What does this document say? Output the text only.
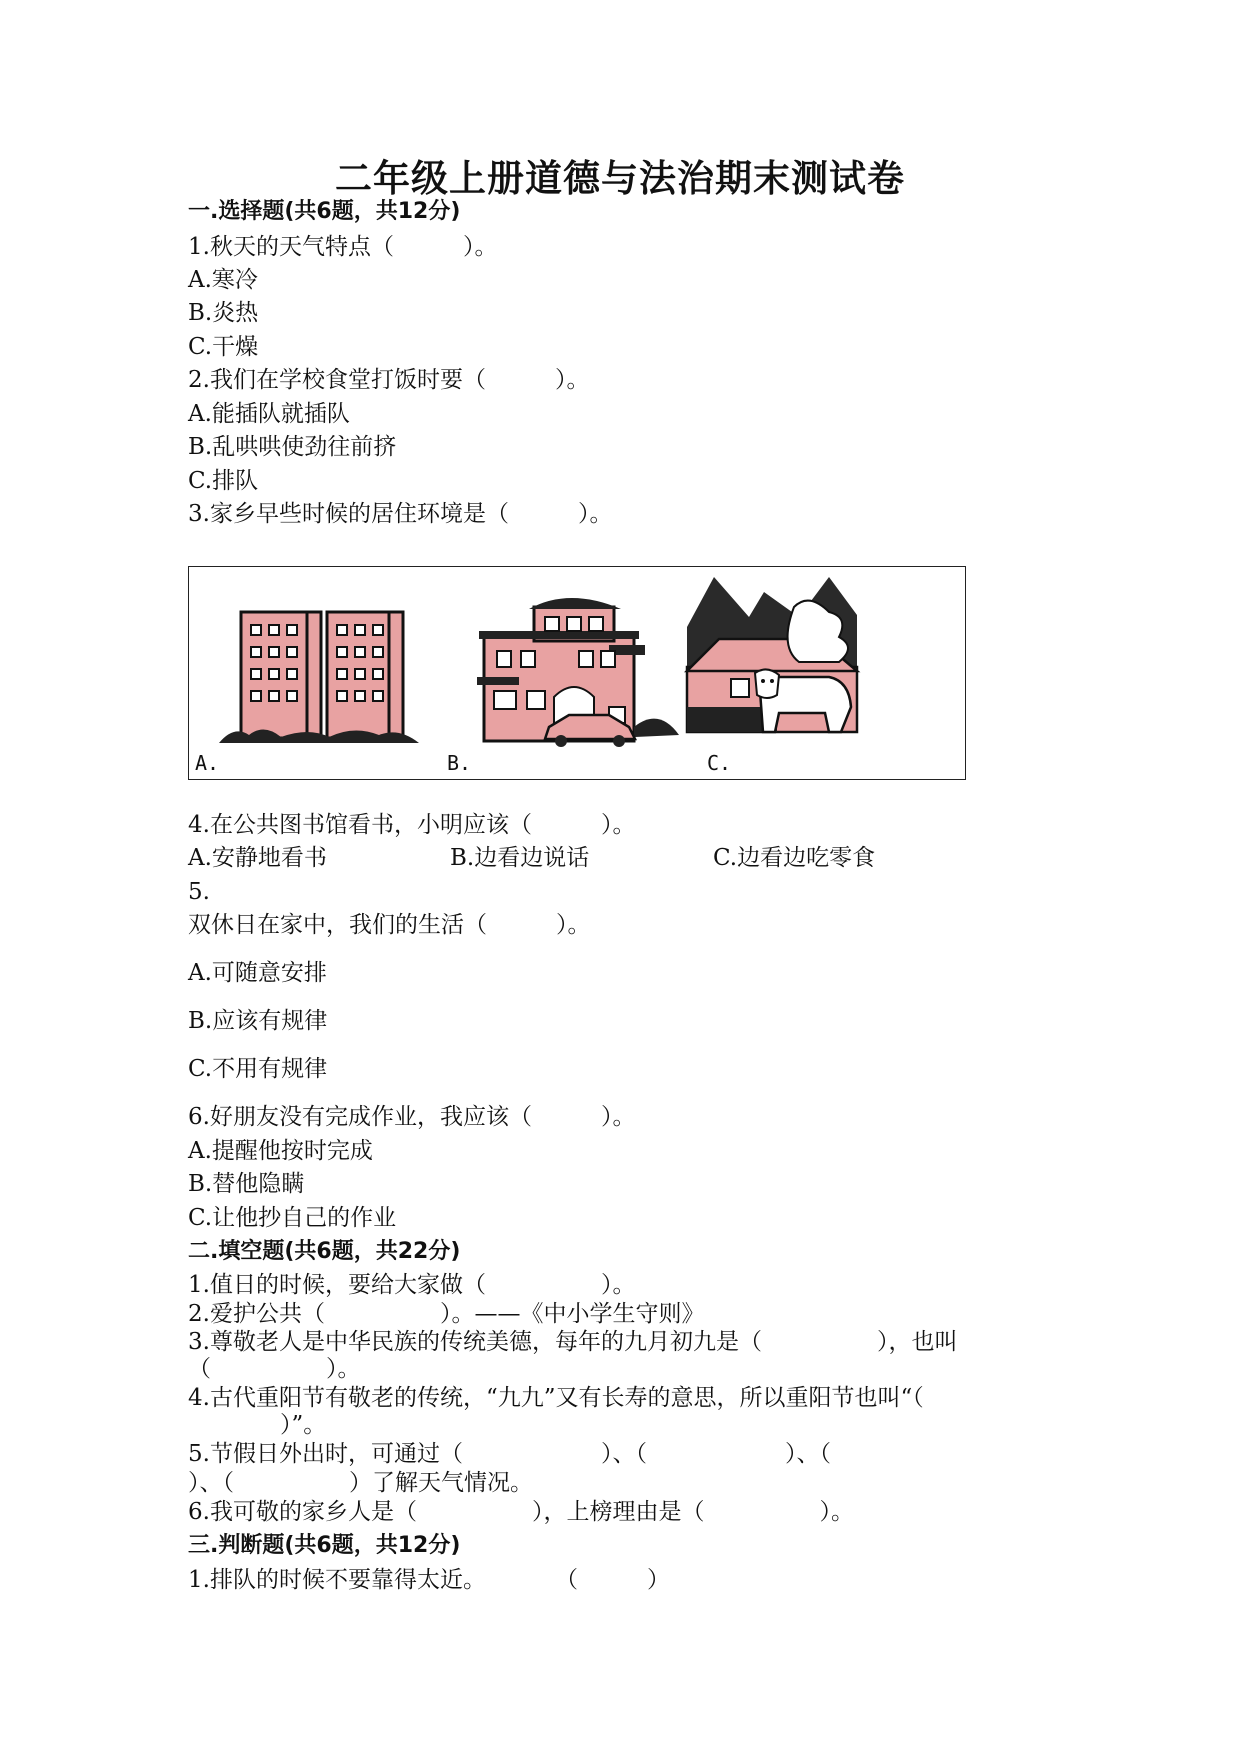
二年级上册道德与法治期末测试卷
一.选择题(共6题，共12分)
1.秋天的天气特点（　　　）。
A.寒冷
B.炎热
C.干燥
2.我们在学校食堂打饭时要（　　　）。
A.能插队就插队
B.乱哄哄使劲往前挤
C.排队
3.家乡早些时候的居住环境是（　　　）。
A.	B.	C.
4.在公共图书馆看书，小明应该（　　　）。
A.安静地看书	B.边看边说话	C.边看边吃零食
5.
双休日在家中，我们的生活（　　　）。
A.可随意安排
B.应该有规律
C.不用有规律
6.好朋友没有完成作业，我应该（　　　）。
A.提醒他按时完成
B.替他隐瞒
C.让他抄自己的作业
二.填空题(共6题，共22分)
1.值日的时候，要给大家做（　　　　　）。
2.爱护公共（　　　　　）。——《中小学生守则》
3.尊敬老人是中华民族的传统美德，每年的九月初九是（　　　　　），也叫
（　　　　　）。
4.古代重阳节有敬老的传统，“九九”又有长寿的意思，所以重阳节也叫“（
　　　　）”。
5.节假日外出时，可通过（　　　　　　）、（　　　　　　）、（
）、（　　　　　）了解天气情况。
6.我可敬的家乡人是（　　　　　），上榜理由是（　　　　　）。
三.判断题(共6题，共12分)
1.排队的时候不要靠得太近。　　　　（　　　）
